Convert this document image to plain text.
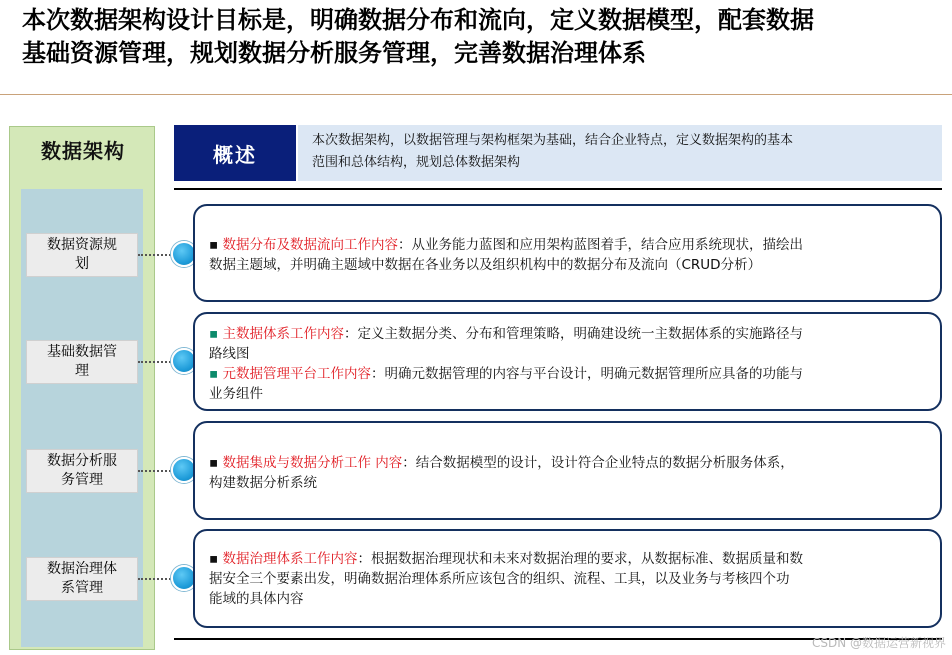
本次数据架构设计目标是，明确数据分布和流向，定义数据模型，配套数据
基础资源管理，规划数据分析服务管理，完善数据治理体系
数据架构
数据资源规
划
基础数据管
理
数据分析服
务管理
数据治理体
系管理
概述
本次数据架构，以数据管理与架构框架为基础，结合企业特点，定义数据架构的基本
范围和总体结构，规划总体数据架构
▪ 数据分布及数据流向工作内容：从业务能力蓝图和应用架构蓝图着手，结合应用系统现状，描绘出
数据主题域，并明确主题域中数据在各业务以及组织机构中的数据分布及流向（CRUD分析）
▪ 主数据体系工作内容：定义主数据分类、分布和管理策略，明确建设统一主数据体系的实施路径与
路线图
▪ 元数据管理平台工作内容：明确元数据管理的内容与平台设计，明确元数据管理所应具备的功能与
业务组件
▪ 数据集成与数据分析工作 内容：结合数据模型的设计，设计符合企业特点的数据分析服务体系，
构建数据分析系统
▪ 数据治理体系工作内容：根据数据治理现状和未来对数据治理的要求，从数据标准、数据质量和数
据安全三个要素出发，明确数据治理体系所应该包含的组织、流程、工具，以及业务与考核四个功
能域的具体内容
CSDN @数据运营新视界
